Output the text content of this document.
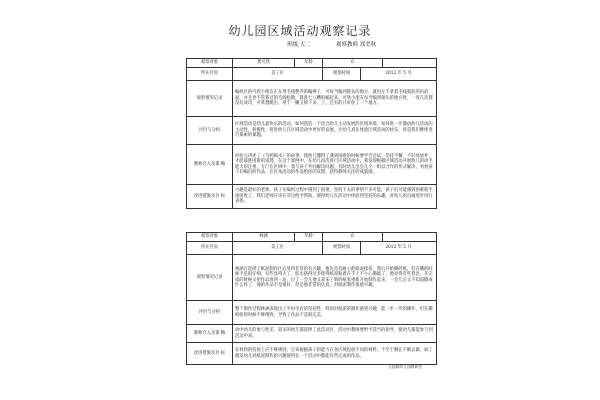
幼儿园区域活动观察记录
班级 大二	观察教师 郑美秋
观察对象	龚可欣	年龄	6		
所在区角	美工区		观察时间	2012 年 5 月	
观察情况记录	编织区的可欣小朋友正在用毛线整齐的编辫子，可每当编到接头的地方，就用左手拿着毛线架前的吊前面，并且也不管系过的毛线松散，就乱七八糟的编起来。可欣小朋友每当编到接头的地方时，一连几次都没有成功，可欣想跳出，用于一撇又掉下来，了，还有的只好放了一个地方。				
评价与分析	区域活动是幼儿最快乐的活动，如何创造一个适合幼儿主动发展的区域环境，如何进一步激动幼儿活动的主动性，积极性，促进幼儿在区域活动中更好的发展，让幼儿真正体验区域活动的快乐，将是我们继续进行探索的课题。				
教师介入及策 略	经幼儿讲述了《乌鸦喝水》的故事，使幼儿懂得了遇到困难的时候要学会尝试、坚持不懈，不轻易放弃，才能战胜困难的道理，在这个案例中，在幼儿再次进行区域活动中，我发现根据区域活动开展幼儿的动手能力的注视，专门在区域中，我与孩子共同解决问题，有时幼儿出会几个一组以合作的形式解决，看看孩子们编出的作品，在区角活动的作品给你的反馈，获得教师关注的成就感。				
改进措施及目 标	兴趣是最好的老师，孩子在编织过程中遇到了困难，坚持下去的事情不多可能，孩子们可能遇到困难就半途而废了，我们老师应该在旁边给予帮助，使得幼儿在活动中体验到坚持的乐趣，对幼儿的点滴进步进行表扬。				
观察对象	林涵	年龄	6		
所在区角	美工区		观察时间	2012 年 5 月	
观察情况记录	林涵在选择了纸泥制作区后显得非常的有兴趣，他先是有耐心把纸泥揉搓，然后开始撕碎纸，但在撕的时候不是很仔细，有些显得大了，胶水挤得过多使得纸泥粘着在手上不小心撕破了，他显得有些着急，在完成的时候又把作品放到一边，过了一会儿他又拿来了新的纸张重新开始制作起来，一会儿后又不知道撕成什么样了，他的作品不是很好，但是他非常的认真，对纸泥制作很感兴趣。				
评价与分析	整个制作过程林涵表现出了平时少有的坚持性，特别对纸泥的制作感到兴趣，能一步一步的操作，但在撕纸张的时候不够细致，导致了作品不是很完美。				
教师介入及策 略	动中幼儿的参与性差，较多的幼儿都选择了此活动区，活动中教师要给予适当的指导，使幼儿都能参与到活动中来。				
改进措施及目 标	在材料的投放上应不够规则，应该根据孩子的能力在各区域投放不同的材料，不至于剩在不断去做，加了激发幼儿对纸泥制作的兴趣使得在一个活动中都能有所完成的作品。				
公园路幼儿园教研室
